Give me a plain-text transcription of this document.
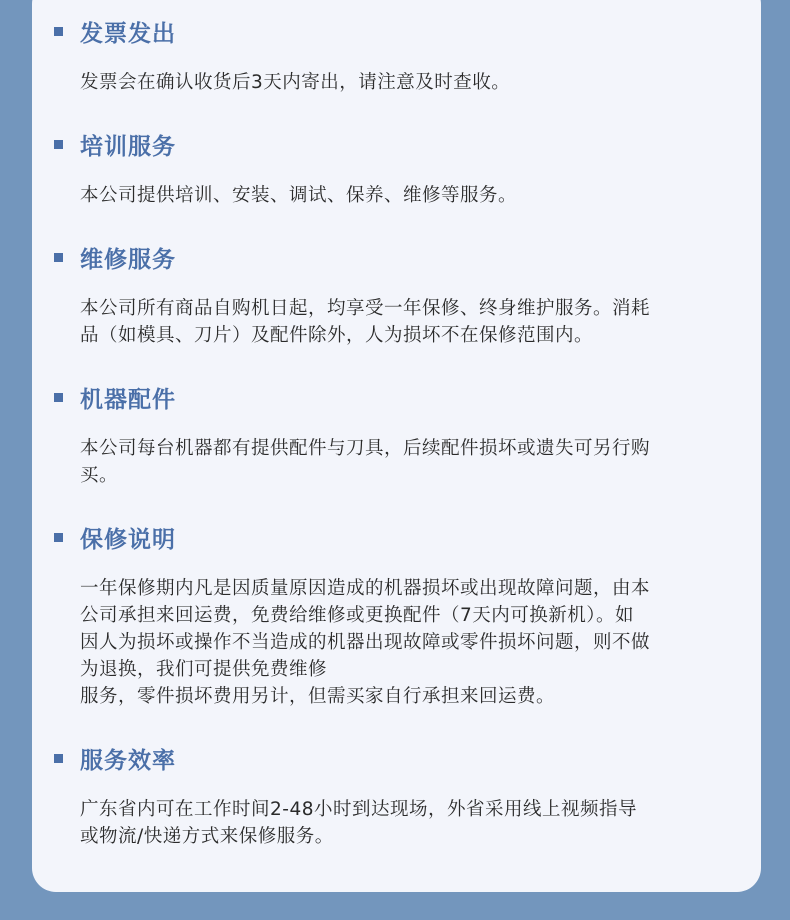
发票发出

发票会在确认收货后3天内寄出，请注意及时查收。

培训服务

本公司提供培训、安装、调试、保养、维修等服务。

维修服务

本公司所有商品自购机日起，均享受一年保修、终身维护服务。消耗

品（如模具、刀片）及配件除外，人为损坏不在保修范围内。

机器配件

本公司每台机器都有提供配件与刀具，后续配件损坏或遗失可另行购

买。

保修说明

一年保修期内凡是因质量原因造成的机器损坏或出现故障问题，由本

公司承担来回运费，免费给维修或更换配件（7天内可换新机）。如

因人为损坏或操作不当造成的机器出现故障或零件损坏问题，则不做

为退换，我们可提供免费维修

服务，零件损坏费用另计，但需买家自行承担来回运费。

服务效率

广东省内可在工作时间2-48小时到达现场，外省采用线上视频指导

或物流/快递方式来保修服务。
